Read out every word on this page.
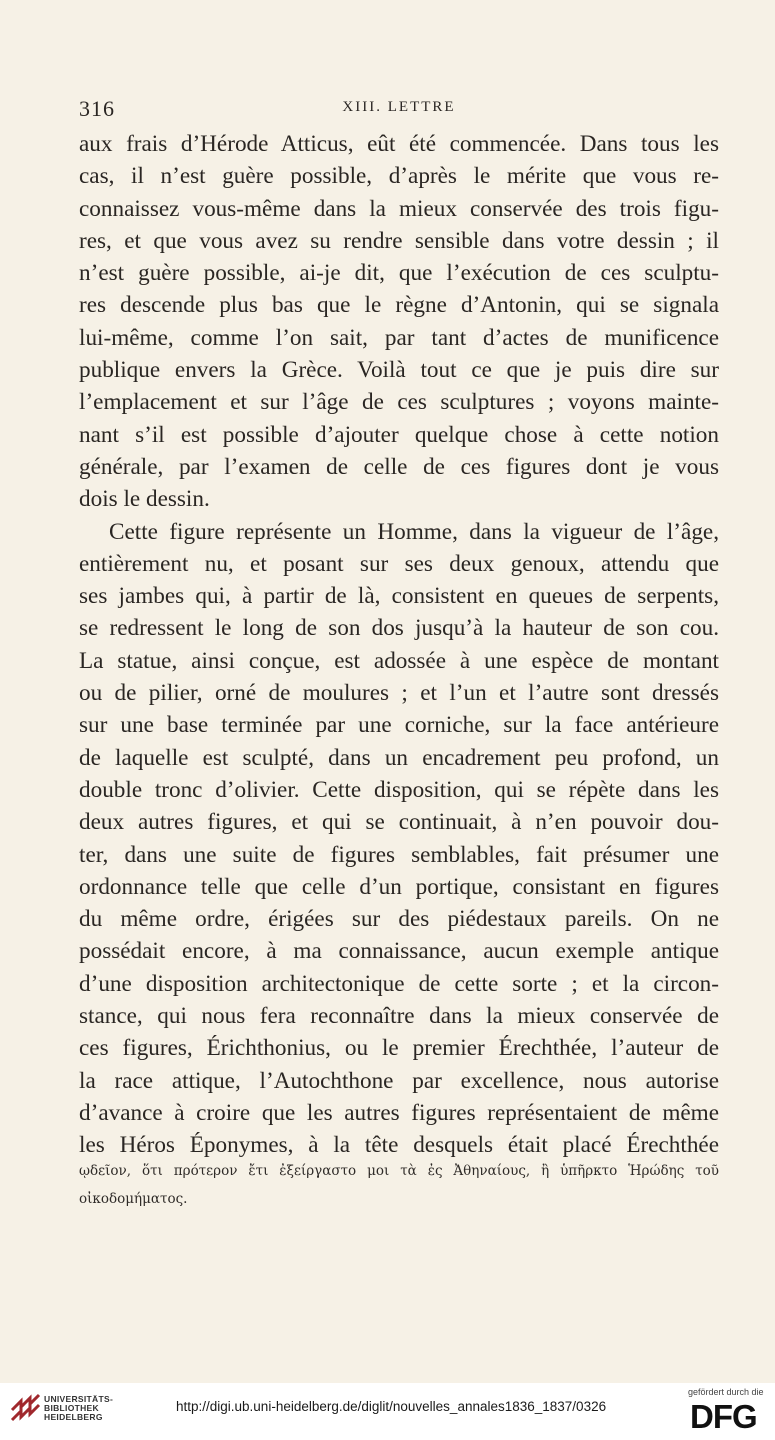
316	XIII. LETTRE
aux frais d’Hérode Atticus, eût été commencée. Dans tous les
cas, il n’est guère possible, d’après le mérite que vous re-
connaissez vous-même dans la mieux conservée des trois figu-
res, et que vous avez su rendre sensible dans votre dessin ; il
n’est guère possible, ai-je dit, que l’exécution de ces sculptu-
res descende plus bas que le règne d’Antonin, qui se signala
lui-même, comme l’on sait, par tant d’actes de munificence
publique envers la Grèce. Voilà tout ce que je puis dire sur
l’emplacement et sur l’âge de ces sculptures ; voyons mainte-
nant s’il est possible d’ajouter quelque chose à cette notion
générale, par l’examen de celle de ces figures dont je vous
dois le dessin.
Cette figure représente un Homme, dans la vigueur de l’âge,
entièrement nu, et posant sur ses deux genoux, attendu que
ses jambes qui, à partir de là, consistent en queues de serpents,
se redressent le long de son dos jusqu’à la hauteur de son cou.
La statue, ainsi conçue, est adossée à une espèce de montant
ou de pilier, orné de moulures ; et l’un et l’autre sont dressés
sur une base terminée par une corniche, sur la face antérieure
de laquelle est sculpté, dans un encadrement peu profond, un
double tronc d’olivier. Cette disposition, qui se répète dans les
deux autres figures, et qui se continuait, à n’en pouvoir dou-
ter, dans une suite de figures semblables, fait présumer une
ordonnance telle que celle d’un portique, consistant en figures
du même ordre, érigées sur des piédestaux pareils. On ne
possédait encore, à ma connaissance, aucun exemple antique
d’une disposition architectonique de cette sorte ; et la circon-
stance, qui nous fera reconnaître dans la mieux conservée de
ces figures, Érichthonius, ou le premier Érechthée, l’auteur de
la race attique, l’Autochthone par excellence, nous autorise
d’avance à croire que les autres figures représentaient de même
les Héros Éponymes, à la tête desquels était placé Érechthée
ῳδεῖον, ὅτι πρότερον ἔτι ἐξείργαστο μοι τὰ ἐς Ἀθηναίους, ἢ ὑπῆρκτο Ἡρώδης τοῦ
οἰκοδομήματος.
UNIVERSITÄTS-
BIBLIOTHEK
HEIDELBERG
http://digi.ub.uni-heidelberg.de/diglit/nouvelles_annales1836_1837/0326
gefördert durch die
DFG
